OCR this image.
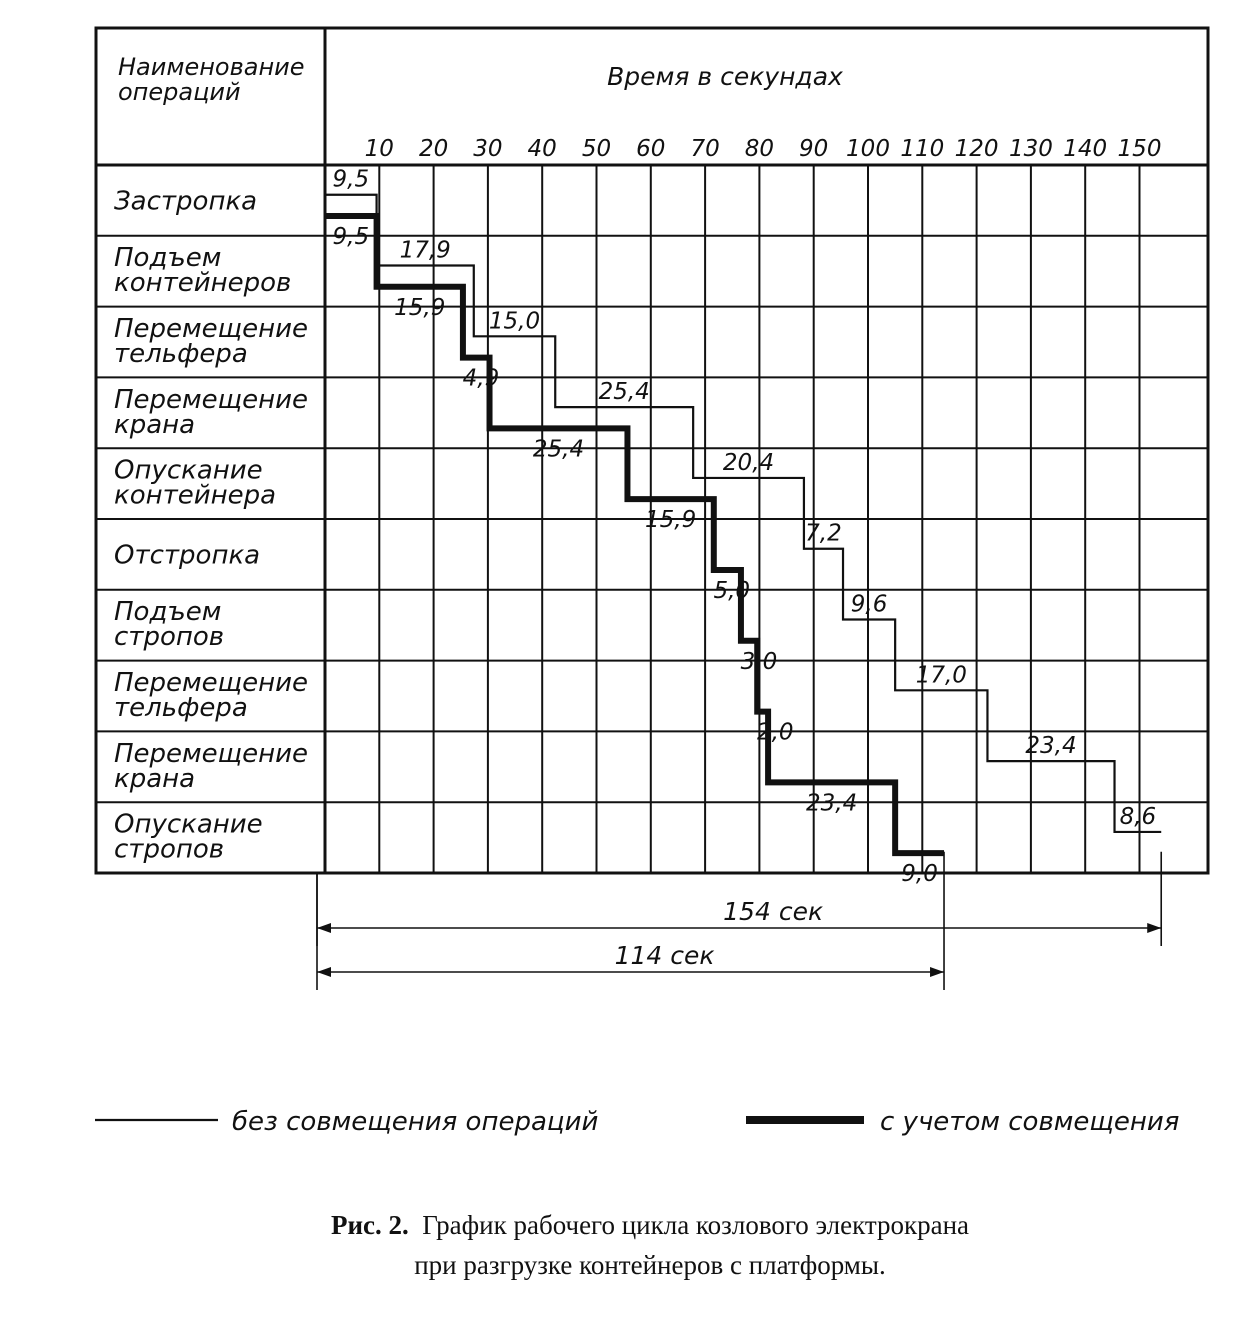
Наименование
операций
Время в секундах
10 20 30 40 50 60 70 80 90 100 110 120 130 140 150
Застропка
Подъем контейнеров
Перемещение тельфера
Перемещение крана
Опускание контейнера
Отстропка
Подъем стропов
Перемещение тельфера
Перемещение крана
Опускание стропов
9,5
17,9
15,0
25,4
20,4
7,2
9,6
17,0
23,4
8,6
9,5
15,9
4,9
25,4
15,9
5,0
3,0
2,0
23,4
9,0
154 сек
114 сек
без совмещения операций	с учетом совмещения
Рис. 2. График рабочего цикла козлового электрокрана
при разгрузке контейнеров с платформы.
